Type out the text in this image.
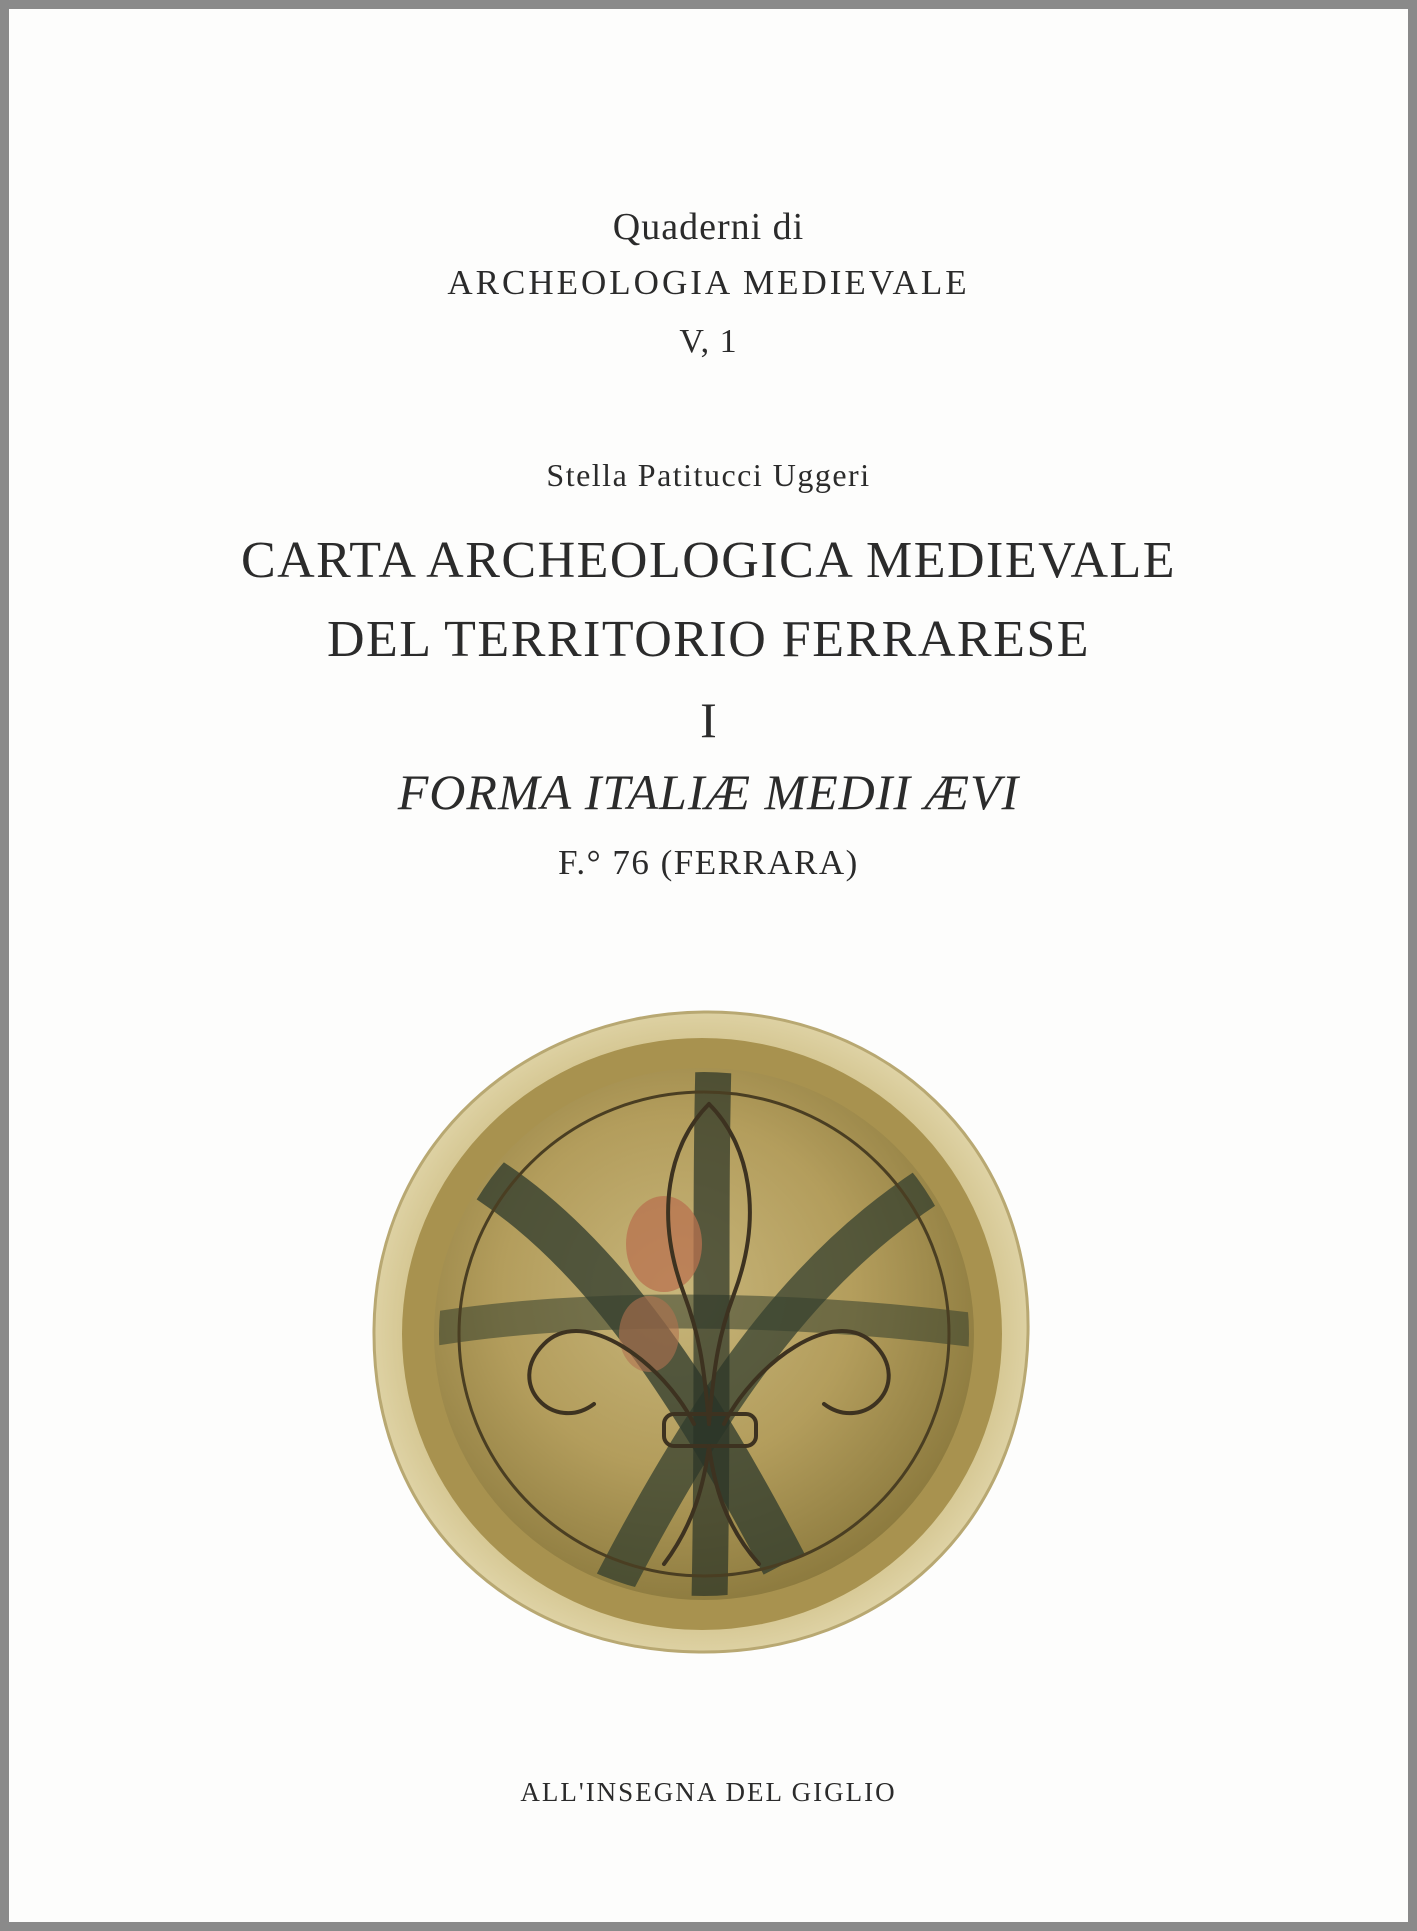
Quaderni di
ARCHEOLOGIA MEDIEVALE
V, 1
Stella Patitucci Uggeri
CARTA ARCHEOLOGICA MEDIEVALE
DEL TERRITORIO FERRARESE
I
FORMA ITALIÆ MEDII ÆVI
F.° 76 (FERRARA)
ALL'INSEGNA DEL GIGLIO
